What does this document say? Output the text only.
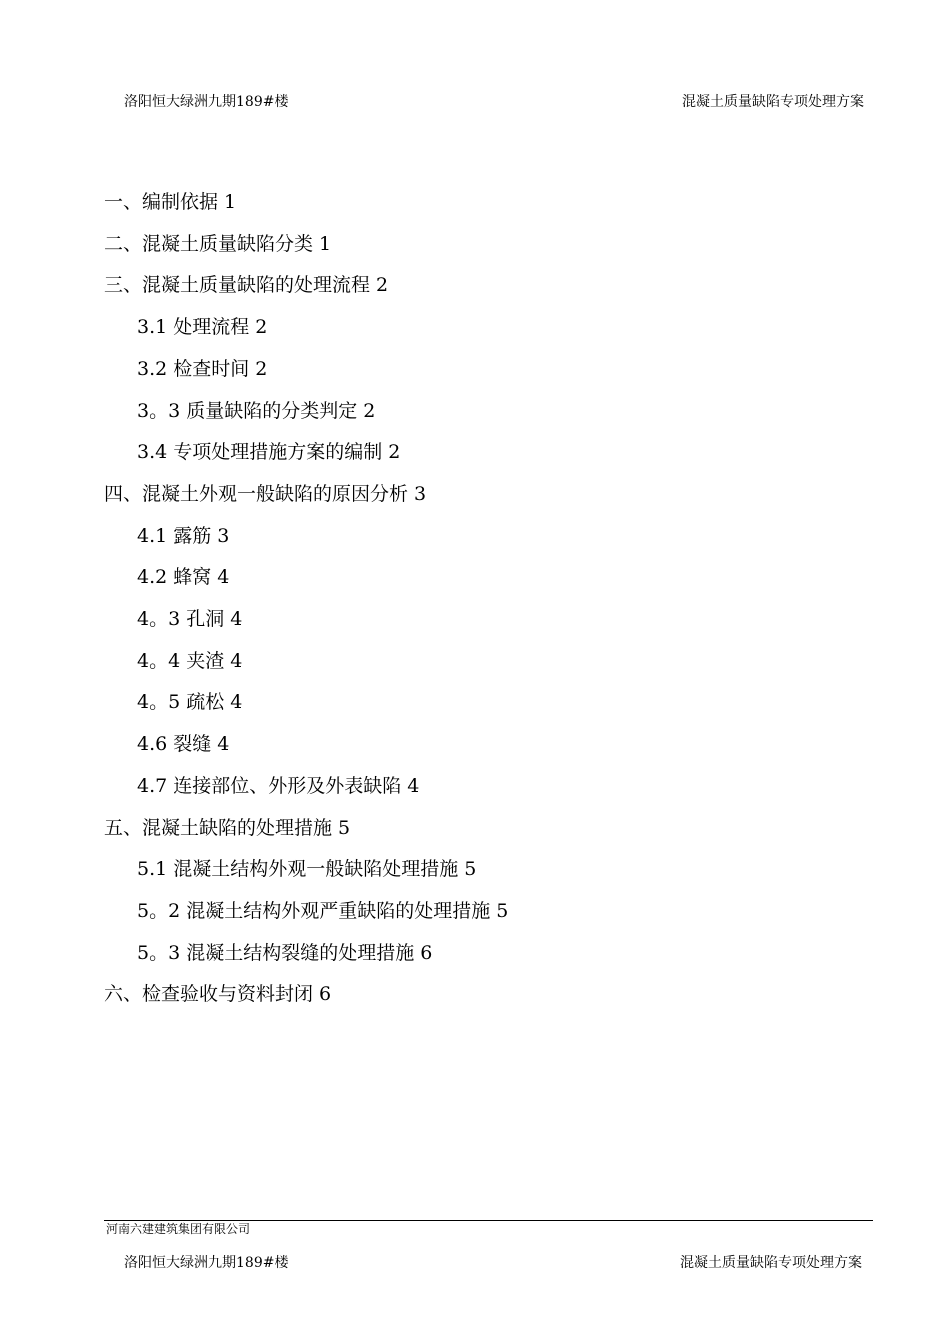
洛阳恒大绿洲九期189#楼	混凝土质量缺陷专项处理方案
一、编制依据 1
二、混凝土质量缺陷分类 1
三、混凝土质量缺陷的处理流程 2
3.1 处理流程 2
3.2 检查时间 2
3。3 质量缺陷的分类判定 2
3.4 专项处理措施方案的编制 2
四、混凝土外观一般缺陷的原因分析 3
4.1 露筋 3
4.2 蜂窝 4
4。3 孔洞 4
4。4 夹渣 4
4。5 疏松 4
4.6 裂缝 4
4.7 连接部位、外形及外表缺陷 4
五、混凝土缺陷的处理措施 5
5.1 混凝土结构外观一般缺陷处理措施 5
5。2 混凝土结构外观严重缺陷的处理措施 5
5。3 混凝土结构裂缝的处理措施 6
六、检查验收与资料封闭 6
河南六建建筑集团有限公司
洛阳恒大绿洲九期189#楼	混凝土质量缺陷专项处理方案
